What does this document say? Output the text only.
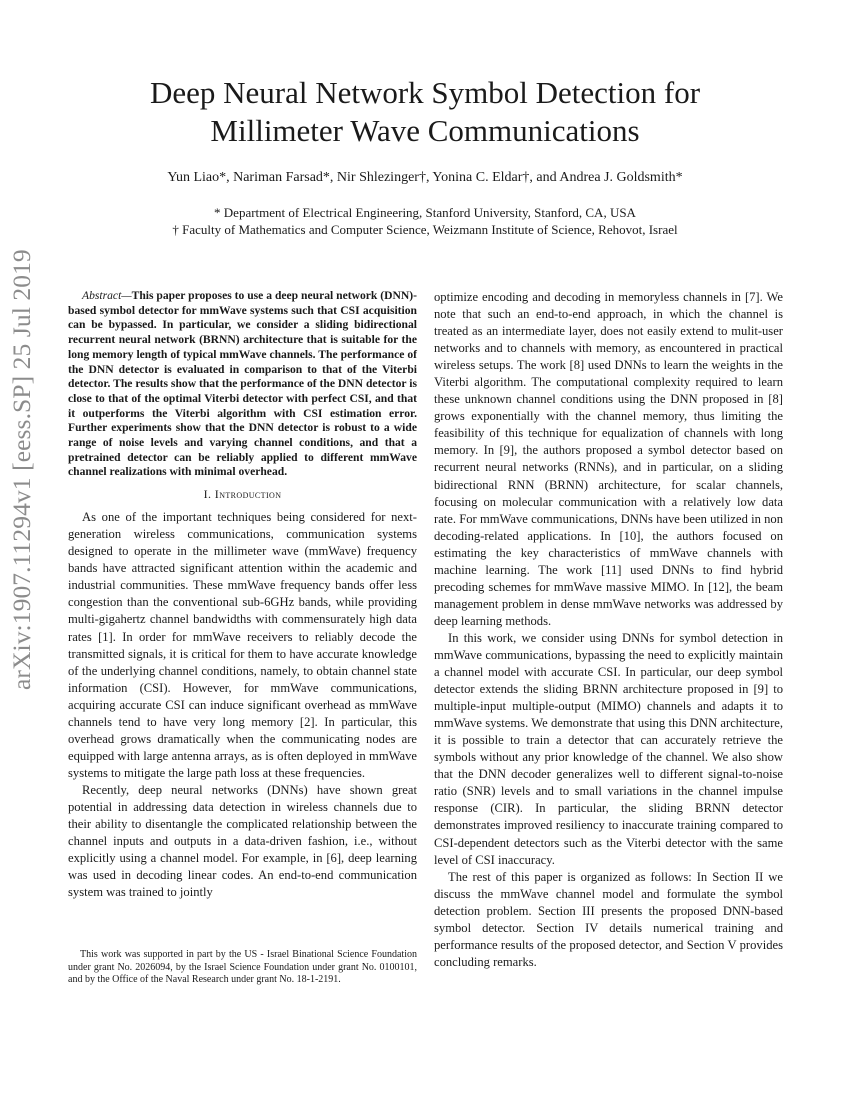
arXiv:1907.11294v1 [eess.SP] 25 Jul 2019
Deep Neural Network Symbol Detection for
Millimeter Wave Communications
Yun Liao*, Nariman Farsad*, Nir Shlezinger†, Yonina C. Eldar†, and Andrea J. Goldsmith*
* Department of Electrical Engineering, Stanford University, Stanford, CA, USA
† Faculty of Mathematics and Computer Science, Weizmann Institute of Science, Rehovot, Israel

Abstract—This paper proposes to use a deep neural network (DNN)-based symbol detector for mmWave systems such that CSI acquisition can be bypassed. In particular, we consider a sliding bidirectional recurrent neural network (BRNN) architecture that is suitable for the long memory length of typical mmWave channels. The performance of the DNN detector is evaluated in comparison to that of the Viterbi detector. The results show that the performance of the DNN detector is close to that of the optimal Viterbi detector with perfect CSI, and that it outperforms the Viterbi algorithm with CSI estimation error. Further experiments show that the DNN detector is robust to a wide range of noise levels and varying channel conditions, and that a pretrained detector can be reliably applied to different mmWave channel realizations with minimal overhead.

I. Introduction

As one of the important techniques being considered for next-generation wireless communications, communication systems designed to operate in the millimeter wave (mmWave) frequency bands have attracted significant attention within the academic and industrial communities. These mmWave frequency bands offer less congestion than the conventional sub-6GHz bands, while providing multi-gigahertz channel bandwidths with commensurately high data rates [1]. In order for mmWave receivers to reliably decode the transmitted signals, it is critical for them to have accurate knowledge of the underlying channel conditions, namely, to obtain channel state information (CSI). However, for mmWave communications, acquiring accurate CSI can induce significant overhead as mmWave channels tend to have very long memory [2]. In particular, this overhead grows dramatically when the communicating nodes are equipped with large antenna arrays, as is often deployed in mmWave systems to mitigate the large path loss at these frequencies.

Recently, deep neural networks (DNNs) have shown great potential in addressing data detection in wireless channels due to their ability to disentangle the complicated relationship between the channel inputs and outputs in a data-driven fashion, i.e., without explicitly using a channel model. For example, in [6], deep learning was used in decoding linear codes. An end-to-end communication system was trained to jointly

This work was supported in part by the US - Israel Binational Science Foundation under grant No. 2026094, by the Israel Science Foundation under grant No. 0100101, and by the Office of the Naval Research under grant No. 18-1-2191.

optimize encoding and decoding in memoryless channels in [7]. We note that such an end-to-end approach, in which the channel is treated as an intermediate layer, does not easily extend to mulit-user networks and to channels with memory, as encountered in practical wireless setups. The work [8] used DNNs to learn the weights in the Viterbi algorithm. The computational complexity required to learn these unknown channel conditions using the DNN proposed in [8] grows exponentially with the channel memory, thus limiting the feasibility of this technique for equalization of channels with long memory. In [9], the authors proposed a symbol detector based on recurrent neural networks (RNNs), and in particular, on a sliding bidirectional RNN (BRNN) architecture, for scalar channels, focusing on molecular communication with a relatively low data rate. For mmWave communications, DNNs have been utilized in non decoding-related applications. In [10], the authors focused on estimating the key characteristics of mmWave channels with machine learning. The work [11] used DNNs to find hybrid precoding schemes for mmWave massive MIMO. In [12], the beam management problem in dense mmWave networks was addressed by deep learning methods.

In this work, we consider using DNNs for symbol detection in mmWave communications, bypassing the need to explicitly maintain a channel model with accurate CSI. In particular, our deep symbol detector extends the sliding BRNN architecture proposed in [9] to multiple-input multiple-output (MIMO) channels and adapts it to mmWave systems. We demonstrate that using this DNN architecture, it is possible to train a detector that can accurately retrieve the symbols without any prior knowledge of the channel. We also show that the DNN decoder generalizes well to different signal-to-noise ratio (SNR) levels and to small variations in the channel impulse response (CIR). In particular, the sliding BRNN detector demonstrates improved resiliency to inaccurate training compared to CSI-dependent detectors such as the Viterbi detector with the same level of CSI inaccuracy.

The rest of this paper is organized as follows: In Section II we discuss the mmWave channel model and formulate the symbol detection problem. Section III presents the proposed DNN-based symbol detector. Section IV details numerical training and performance results of the proposed detector, and Section V provides concluding remarks.
